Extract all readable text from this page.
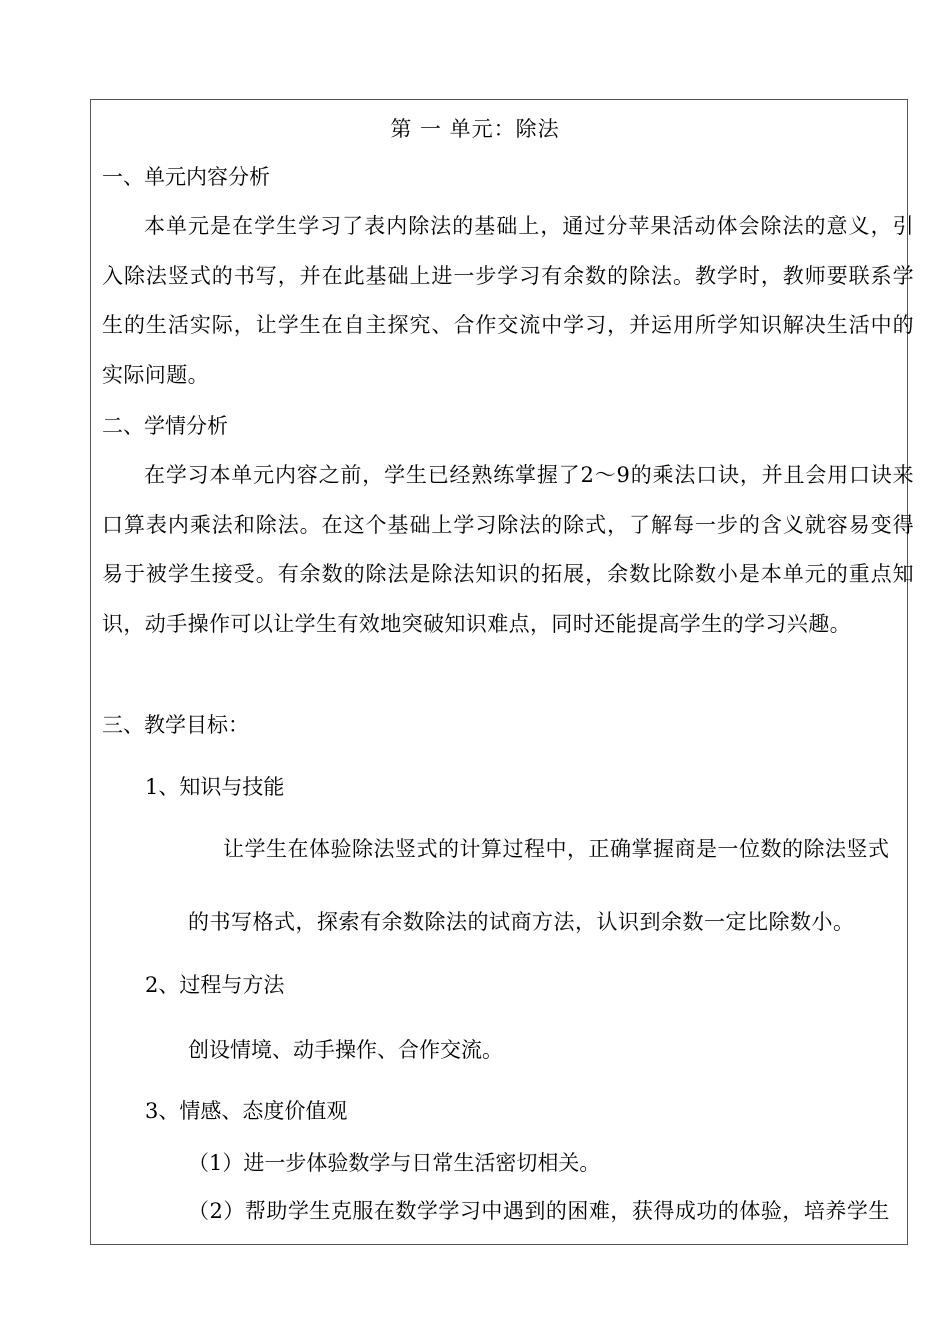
第 一 单元：除法
一、单元内容分析
本单元是在学生学习了表内除法的基础上，通过分苹果活动体会除法的意义，引入除法竖式的书写，并在此基础上进一步学习有余数的除法。教学时，教师要联系学生的生活实际，让学生在自主探究、合作交流中学习，并运用所学知识解决生活中的实际问题。
二、学情分析
在学习本单元内容之前，学生已经熟练掌握了2～9的乘法口诀，并且会用口诀来口算表内乘法和除法。在这个基础上学习除法的除式，了解每一步的含义就容易变得易于被学生接受。有余数的除法是除法知识的拓展，余数比除数小是本单元的重点知识，动手操作可以让学生有效地突破知识难点，同时还能提高学生的学习兴趣。
三、教学目标：
1、知识与技能
让学生在体验除法竖式的计算过程中，正确掌握商是一位数的除法竖式
的书写格式，探索有余数除法的试商方法，认识到余数一定比除数小。
2、过程与方法
创设情境、动手操作、合作交流。
3、情感、态度价值观
（1）进一步体验数学与日常生活密切相关。
（2）帮助学生克服在数学学习中遇到的困难，获得成功的体验，培养学生
